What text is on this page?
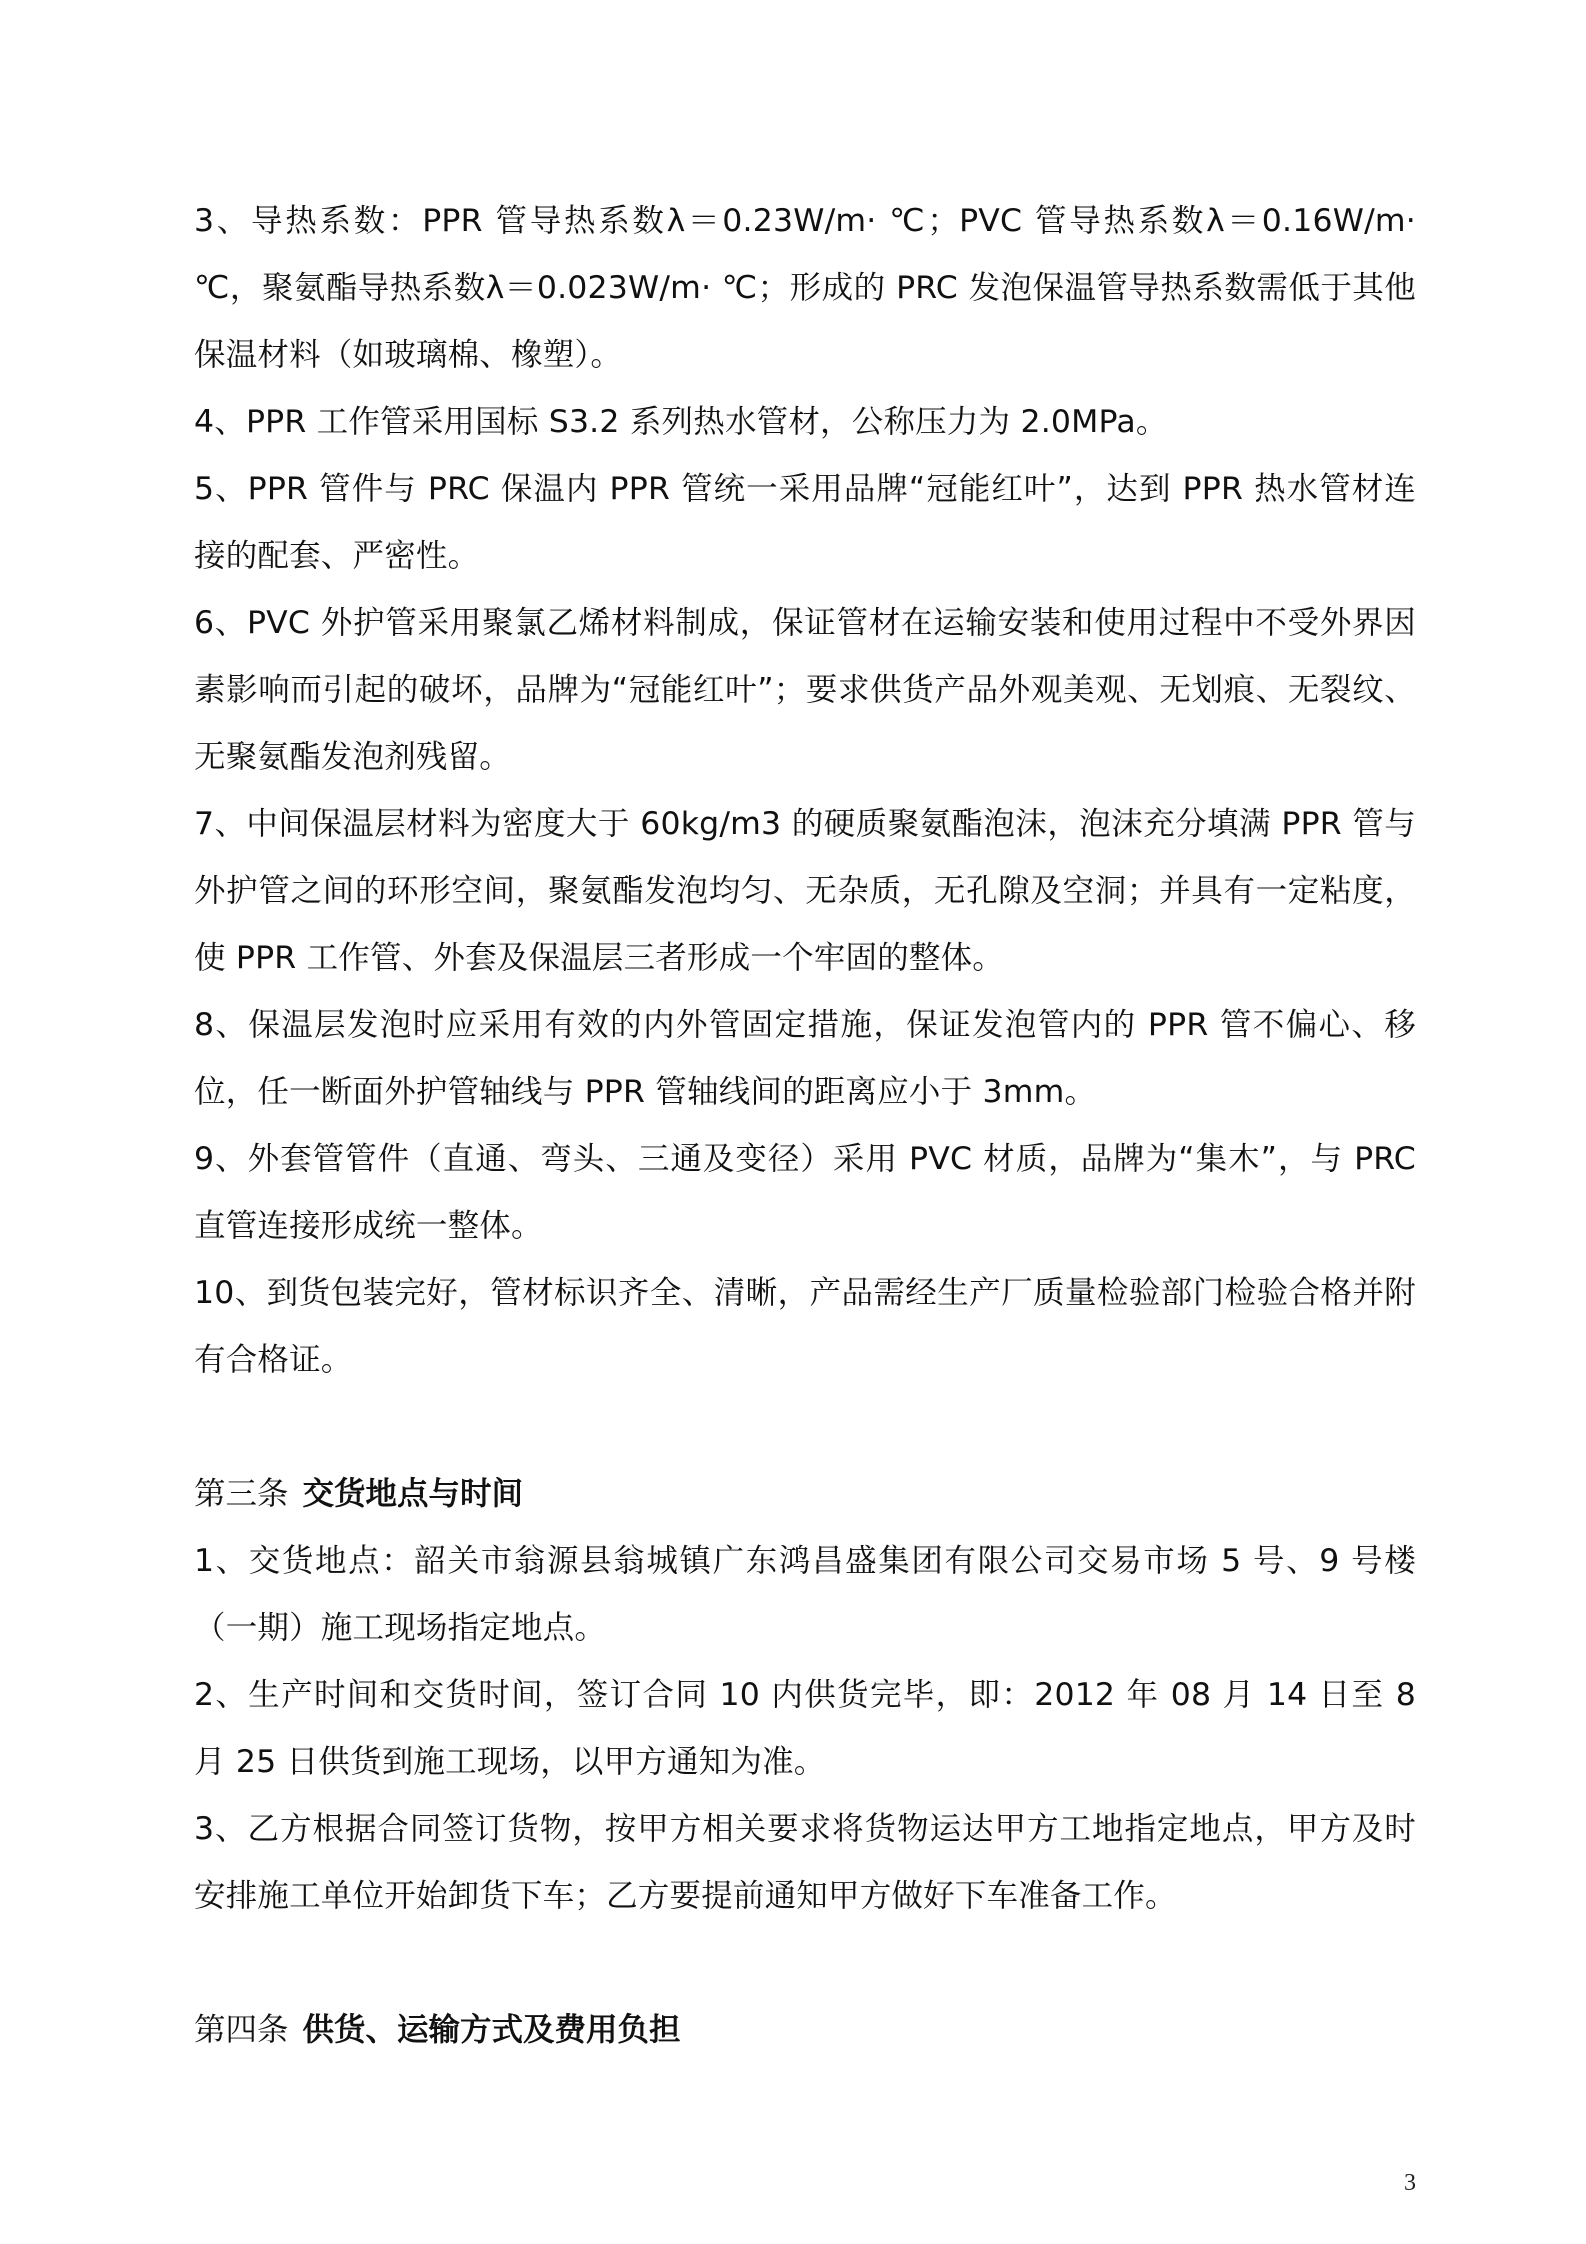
3、导热系数：PPR 管导热系数λ＝0.23W/m· ℃；PVC 管导热系数λ＝0.16W/m· ℃，聚氨酯导热系数λ＝0.023W/m· ℃；形成的 PRC 发泡保温管导热系数需低于其他保温材料（如玻璃棉、橡塑）。

4、PPR 工作管采用国标 S3.2 系列热水管材，公称压力为 2.0MPa。

5、PPR 管件与 PRC 保温内 PPR 管统一采用品牌“冠能红叶”，达到 PPR 热水管材连接的配套、严密性。

6、PVC 外护管采用聚氯乙烯材料制成，保证管材在运输安装和使用过程中不受外界因素影响而引起的破坏，品牌为“冠能红叶”；要求供货产品外观美观、无划痕、无裂纹、无聚氨酯发泡剂残留。

7、中间保温层材料为密度大于 60kg/m3 的硬质聚氨酯泡沫，泡沫充分填满 PPR 管与外护管之间的环形空间，聚氨酯发泡均匀、无杂质，无孔隙及空洞；并具有一定粘度，使 PPR 工作管、外套及保温层三者形成一个牢固的整体。

8、保温层发泡时应采用有效的内外管固定措施，保证发泡管内的 PPR 管不偏心、移位，任一断面外护管轴线与 PPR 管轴线间的距离应小于 3mm。

9、外套管管件（直通、弯头、三通及变径）采用 PVC 材质，品牌为“集木”，与 PRC 直管连接形成统一整体。

10、到货包装完好，管材标识齐全、清晰，产品需经生产厂质量检验部门检验合格并附有合格证。

第三条 交货地点与时间

1、交货地点：韶关市翁源县翁城镇广东鸿昌盛集团有限公司交易市场 5 号、9 号楼（一期）施工现场指定地点。

2、生产时间和交货时间，签订合同 10 内供货完毕，即：2012 年 08 月 14 日至 8 月 25 日供货到施工现场，以甲方通知为准。

3、乙方根据合同签订货物，按甲方相关要求将货物运达甲方工地指定地点，甲方及时安排施工单位开始卸货下车；乙方要提前通知甲方做好下车准备工作。

第四条 供货、运输方式及费用负担

3
